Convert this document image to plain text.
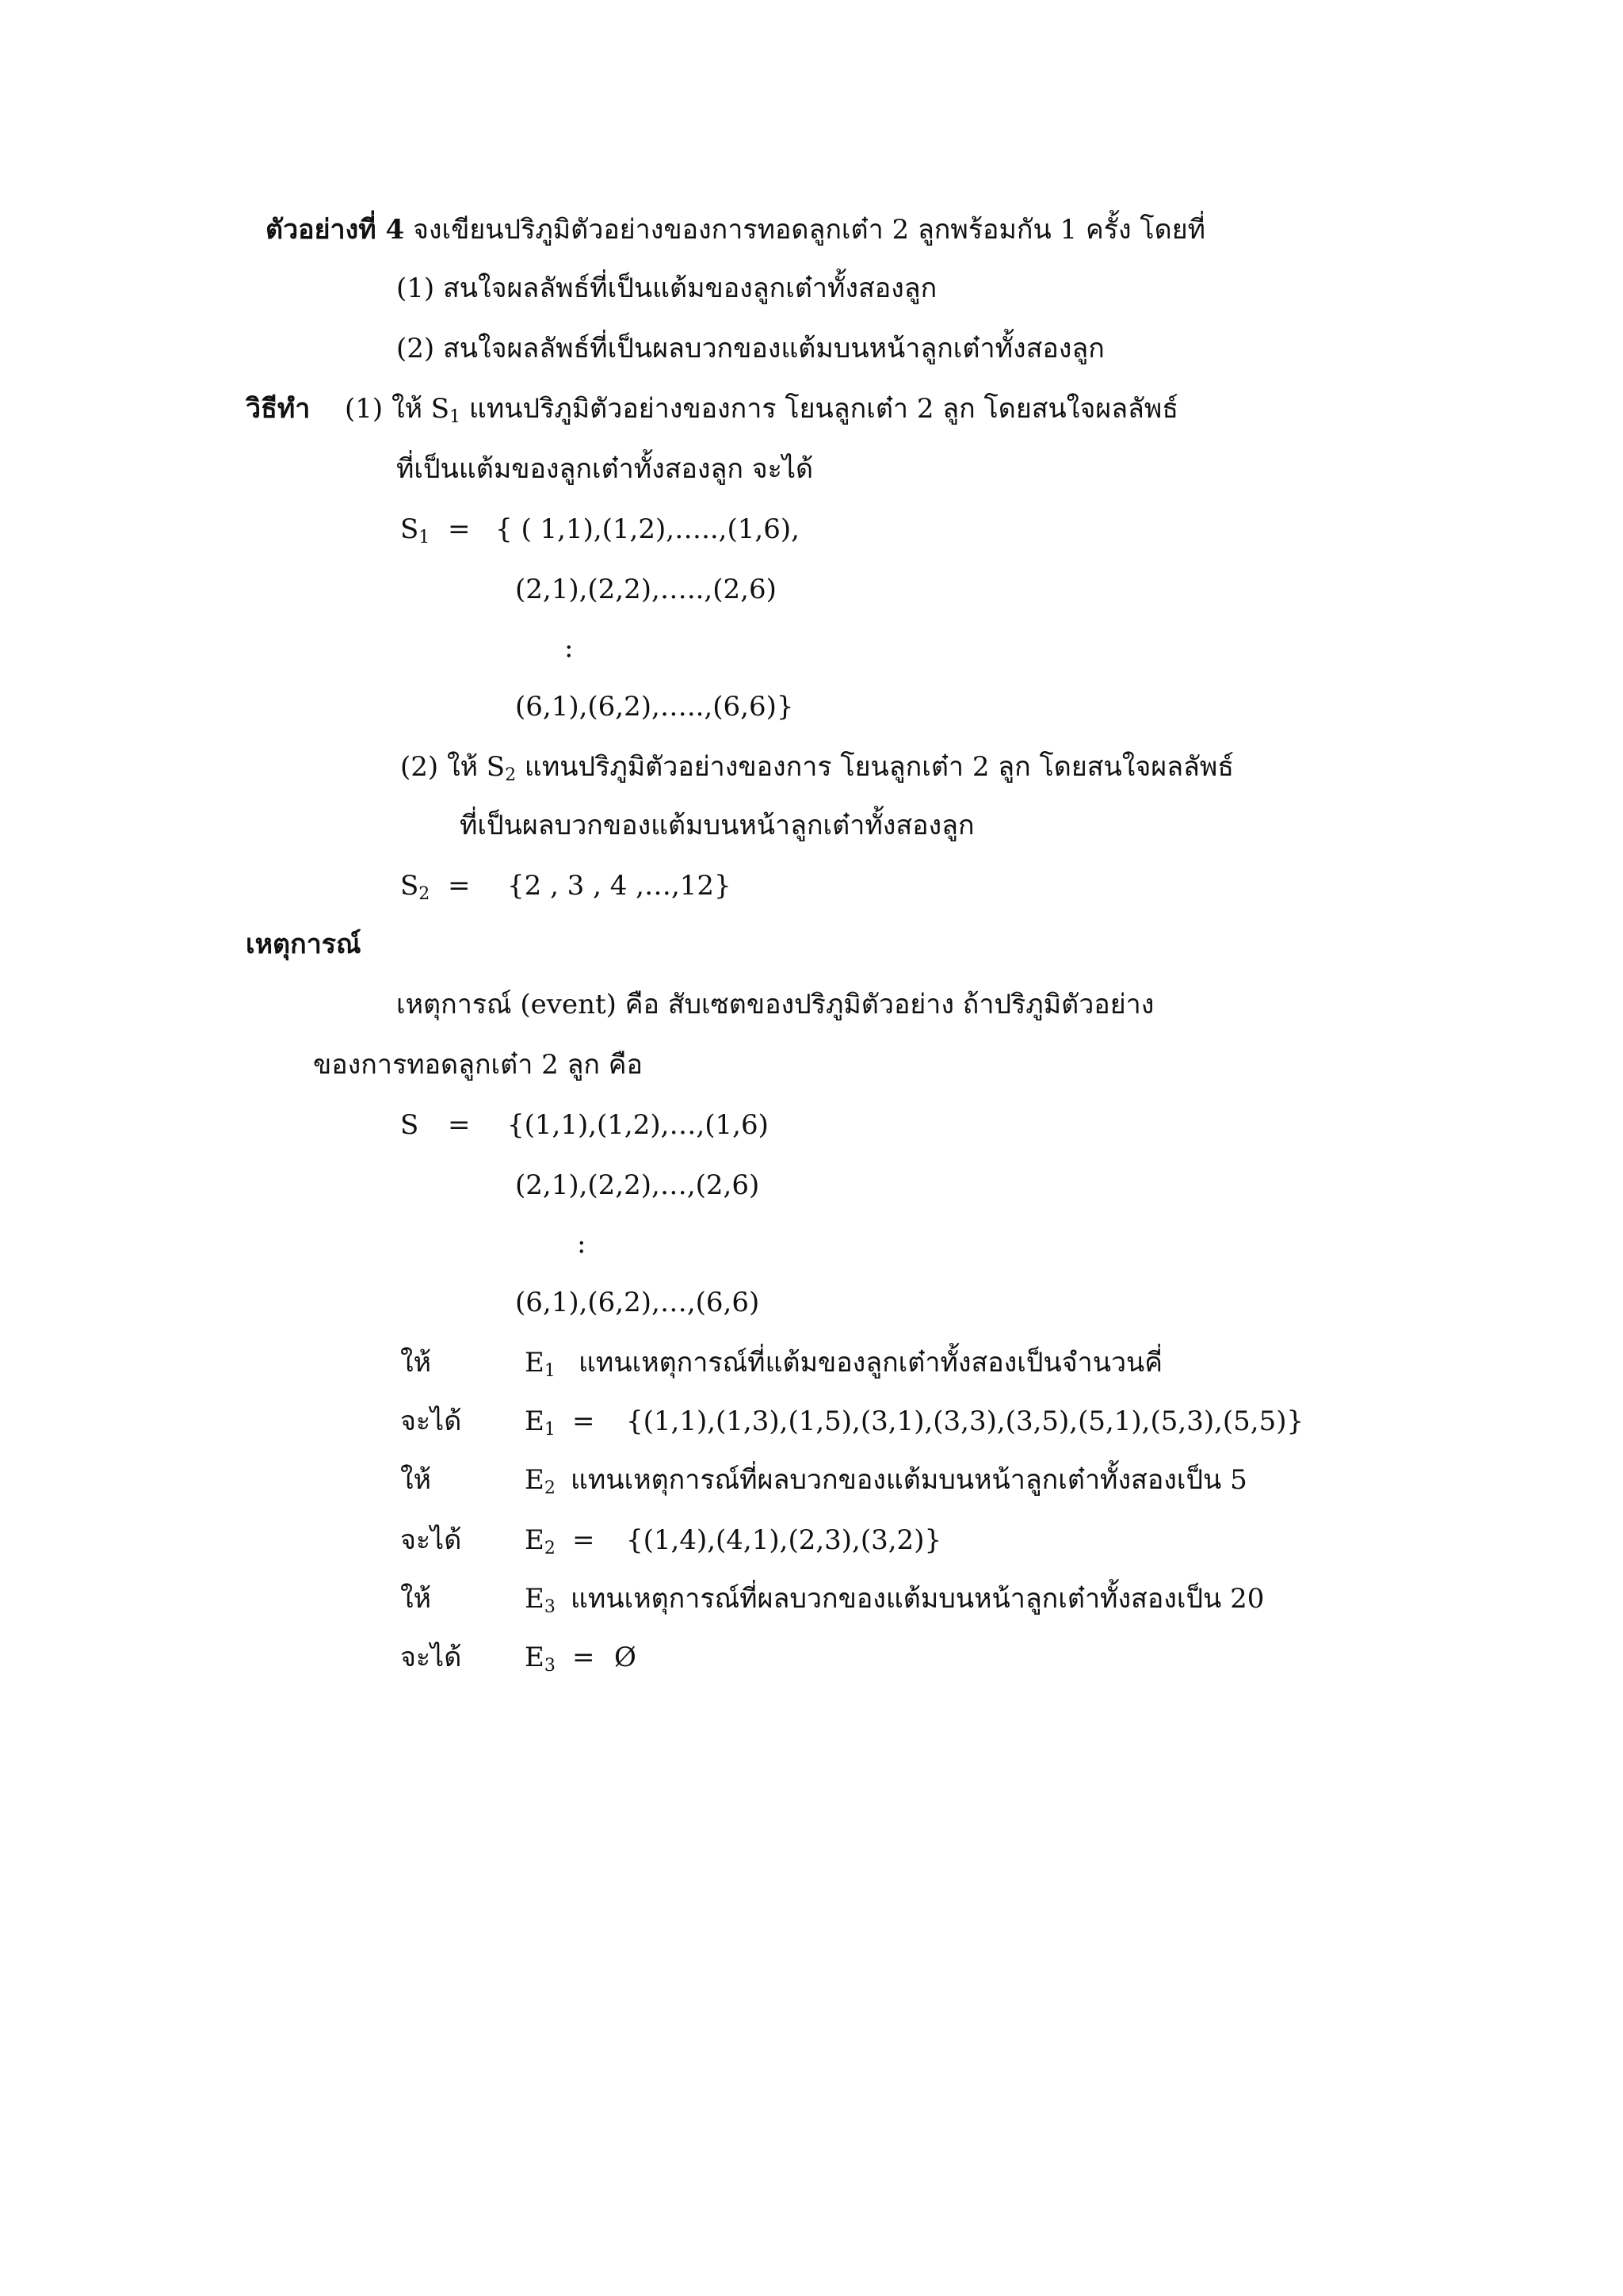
ตัวอย่างที่ 4 จงเขียนปริภูมิตัวอย่างของการทอดลูกเต๋า 2 ลูกพร้อมกัน 1 ครั้ง โดยที่
(1) สนใจผลลัพธ์ที่เป็นแต้มของลูกเต๋าทั้งสองลูก
(2) สนใจผลลัพธ์ที่เป็นผลบวกของแต้มบนหน้าลูกเต๋าทั้งสองลูก
วิธีทำ (1) ให้ $S_1$ แทนปริภูมิตัวอย่างของการ โยนลูกเต๋า 2 ลูก โดยสนใจผลลัพธ์
ที่เป็นแต้มของลูกเต๋าทั้งสองลูก จะได้
$S_1$ = { ( 1,1),(1,2),…..,(1,6),
(2,1),(2,2),…..,(2,6)
:
(6,1),(6,2),…..,(6,6)}
(2) ให้ $S_2$ แทนปริภูมิตัวอย่างของการ โยนลูกเต๋า 2 ลูก โดยสนใจผลลัพธ์
ที่เป็นผลบวกของแต้มบนหน้าลูกเต๋าทั้งสองลูก
$S_2 = \{2$ , 3 , 4 ,…,12}
เหตุการณ์
เหตุการณ์ (event) คือ สับเซตของปริภูมิตัวอย่าง ถ้าปริภูมิตัวอย่าง
ของการทอดลูกเต๋า 2 ลูก คือ
S = {(1,1),(1,2),…,(1,6)
(2,1),(2,2),…,(2,6)
:
(6,1),(6,2),…,(6,6)
ให้	$E_1$ แทนเหตุการณ์ที่แต้มของลูกเต๋าทั้งสองเป็นจำนวนคี่
จะได้ $E_1 = \{(1,1),(1,3),(1,5),(3,1),(3,3),(3,5),(5,1),(5,3),(5,5)\}$
ให้	$E_2$ แทนเหตุการณ์ที่ผลบวกของแต้มบนหน้าลูกเต๋าทั้งสองเป็น 5
จะได้ $E_2 = \{(1,4),(4,1),(2,3),(3,2)\}$
ให้	$E_3$ แทนเหตุการณ์ที่ผลบวกของแต้มบนหน้าลูกเต๋าทั้งสองเป็น 20
จะได้ $E_3$ = Ø
